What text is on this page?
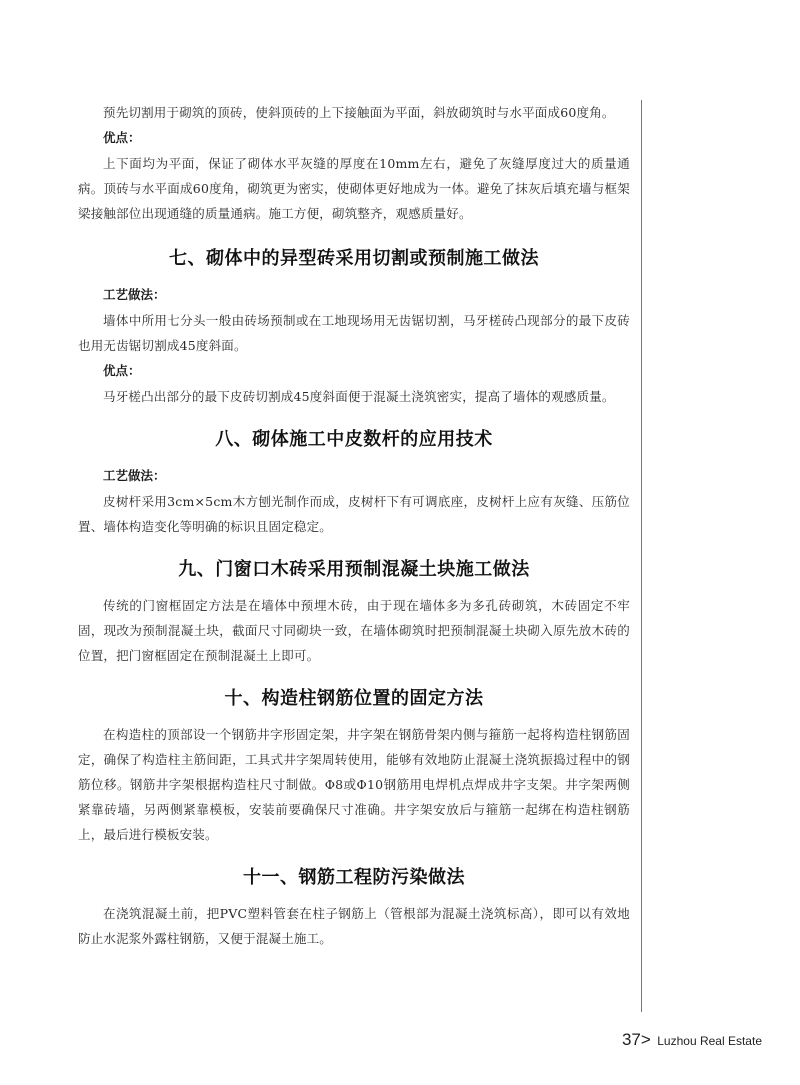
预先切割用于砌筑的顶砖，使斜顶砖的上下接触面为平面，斜放砌筑时与水平面成60度角。

优点：

上下面均为平面，保证了砌体水平灰缝的厚度在10mm左右，避免了灰缝厚度过大的质量通病。顶砖与水平面成60度角，砌筑更为密实，使砌体更好地成为一体。避免了抹灰后填充墙与框架梁接触部位出现通缝的质量通病。施工方便，砌筑整齐，观感质量好。

七、砌体中的异型砖采用切割或预制施工做法
工艺做法：

墙体中所用七分头一般由砖场预制或在工地现场用无齿锯切割，马牙槎砖凸现部分的最下皮砖也用无齿锯切割成45度斜面。

优点：

马牙槎凸出部分的最下皮砖切割成45度斜面便于混凝土浇筑密实，提高了墙体的观感质量。

八、砌体施工中皮数杆的应用技术
工艺做法：

皮树杆采用3cm×5cm木方刨光制作而成，皮树杆下有可调底座，皮树杆上应有灰缝、压筋位置、墙体构造变化等明确的标识且固定稳定。

九、门窗口木砖采用预制混凝土块施工做法

传统的门窗框固定方法是在墙体中预埋木砖，由于现在墙体多为多孔砖砌筑，木砖固定不牢固，现改为预制混凝土块，截面尺寸同砌块一致，在墙体砌筑时把预制混凝土块砌入原先放木砖的位置，把门窗框固定在预制混凝土上即可。

十、构造柱钢筋位置的固定方法

在构造柱的顶部设一个钢筋井字形固定架，井字架在钢筋骨架内侧与箍筋一起将构造柱钢筋固定，确保了构造柱主筋间距，工具式井字架周转使用，能够有效地防止混凝土浇筑振捣过程中的钢筋位移。钢筋井字架根据构造柱尺寸制做。Φ8或Φ10钢筋用电焊机点焊成井字支架。井字架两侧紧靠砖墙，另两侧紧靠模板，安装前要确保尺寸准确。井字架安放后与箍筋一起绑在构造柱钢筋上，最后进行模板安装。

十一、钢筋工程防污染做法

在浇筑混凝土前，把PVC塑料管套在柱子钢筋上（管根部为混凝土浇筑标高），即可以有效地防止水泥浆外露柱钢筋，又便于混凝土施工。

37> Luzhou Real Estate
